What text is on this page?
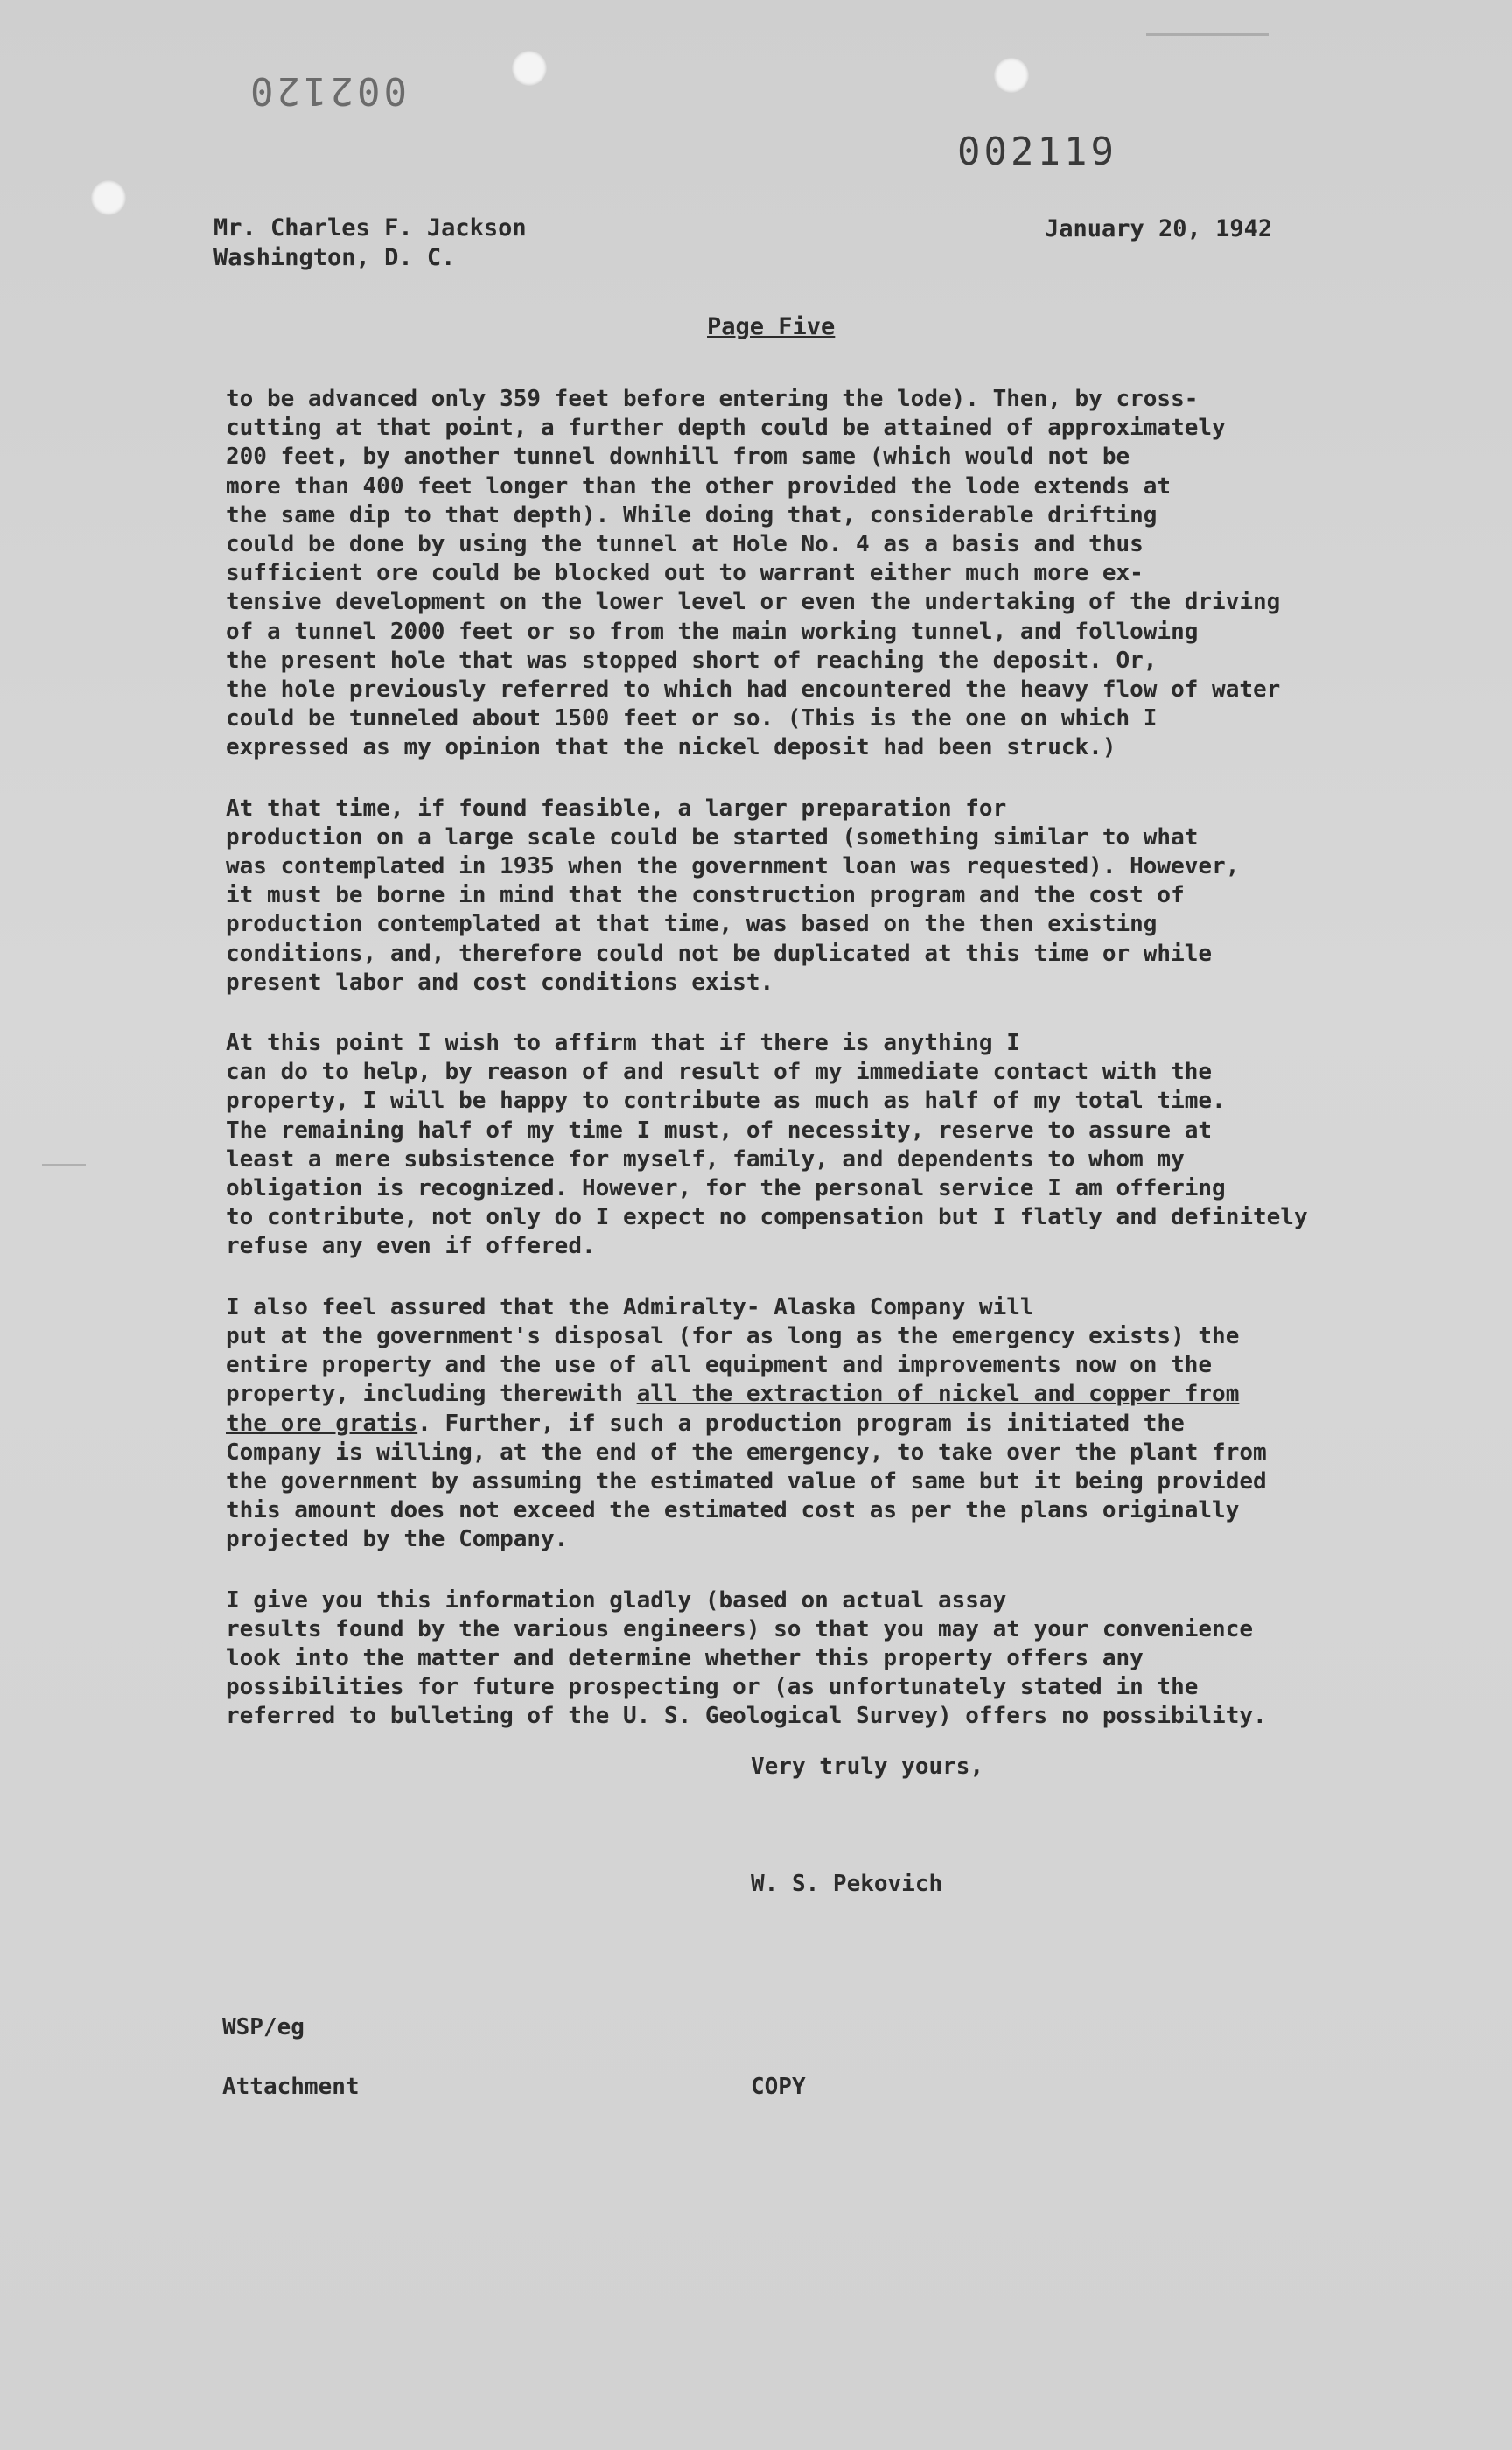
002120
002119
Mr. Charles F. Jackson
Washington, D. C.
January 20, 1942
Page Five

to be advanced only 359 feet before entering the lode). Then, by cross-
cutting at that point, a further depth could be attained of approximately
200 feet, by another tunnel downhill from same (which would not be
more than 400 feet longer than the other provided the lode extends at
the same dip to that depth). While doing that, considerable drifting
could be done by using the tunnel at Hole No. 4 as a basis and thus
sufficient ore could be blocked out to warrant either much more ex-
tensive development on the lower level or even the undertaking of the driving
of a tunnel 2000 feet or so from the main working tunnel, and following
the present hole that was stopped short of reaching the deposit. Or,
the hole previously referred to which had encountered the heavy flow of water
could be tunneled about 1500 feet or so. (This is the one on which I
expressed as my opinion that the nickel deposit had been struck.)

At that time, if found feasible, a larger preparation for
production on a large scale could be started (something similar to what
was contemplated in 1935 when the government loan was requested). However,
it must be borne in mind that the construction program and the cost of
production contemplated at that time, was based on the then existing
conditions, and, therefore could not be duplicated at this time or while
present labor and cost conditions exist.

At this point I wish to affirm that if there is anything I
can do to help, by reason of and result of my immediate contact with the
property, I will be happy to contribute as much as half of my total time.
The remaining half of my time I must, of necessity, reserve to assure at
least a mere subsistence for myself, family, and dependents to whom my
obligation is recognized. However, for the personal service I am offering
to contribute, not only do I expect no compensation but I flatly and definitely
refuse any even if offered.

I also feel assured that the Admiralty- Alaska Company will
put at the government's disposal (for as long as the emergency exists) the
entire property and the use of all equipment and improvements now on the
property, including therewith all the extraction of nickel and copper from
the ore gratis. Further, if such a production program is initiated the
Company is willing, at the end of the emergency, to take over the plant from
the government by assuming the estimated value of same but it being provided
this amount does not exceed the estimated cost as per the plans originally
projected by the Company.

I give you this information gladly (based on actual assay
results found by the various engineers) so that you may at your convenience
look into the matter and determine whether this property offers any
possibilities for future prospecting or (as unfortunately stated in the
referred to bulleting of the U. S. Geological Survey) offers no possibility.

Very truly yours,
W. S. Pekovich
WSP/eg
Attachment	COPY
